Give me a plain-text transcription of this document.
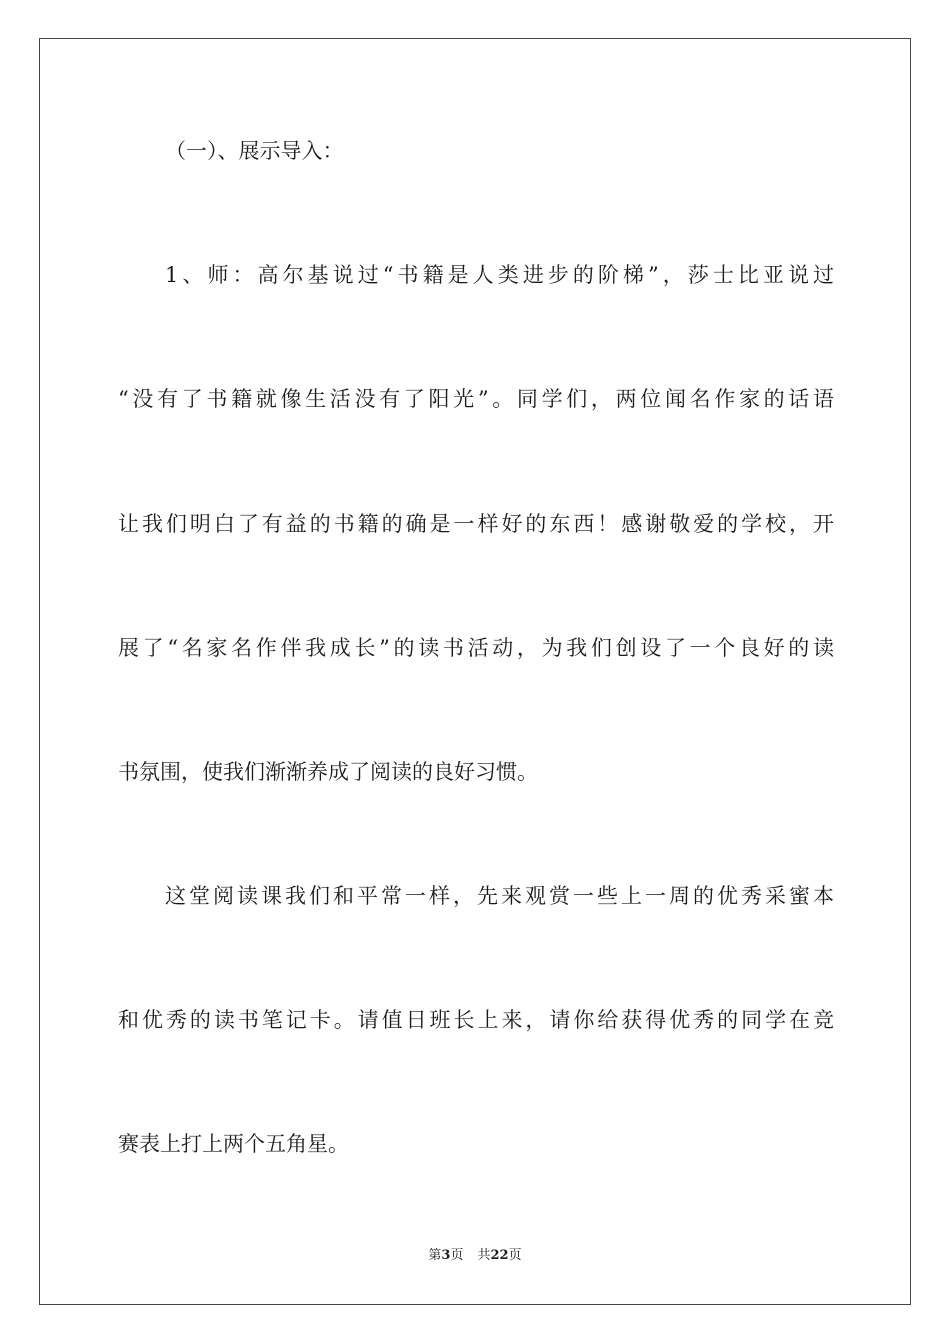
（一）、展示导入：
1、师：高尔基说过“书籍是人类进步的阶梯”，莎士比亚说过
“没有了书籍就像生活没有了阳光”。同学们，两位闻名作家的话语
让我们明白了有益的书籍的确是一样好的东西！感谢敬爱的学校，开
展了“名家名作伴我成长”的读书活动，为我们创设了一个良好的读
书氛围，使我们渐渐养成了阅读的良好习惯。
这堂阅读课我们和平常一样，先来观赏一些上一周的优秀采蜜本
和优秀的读书笔记卡。请值日班长上来，请你给获得优秀的同学在竞
赛表上打上两个五角星。
第3页 共22页
